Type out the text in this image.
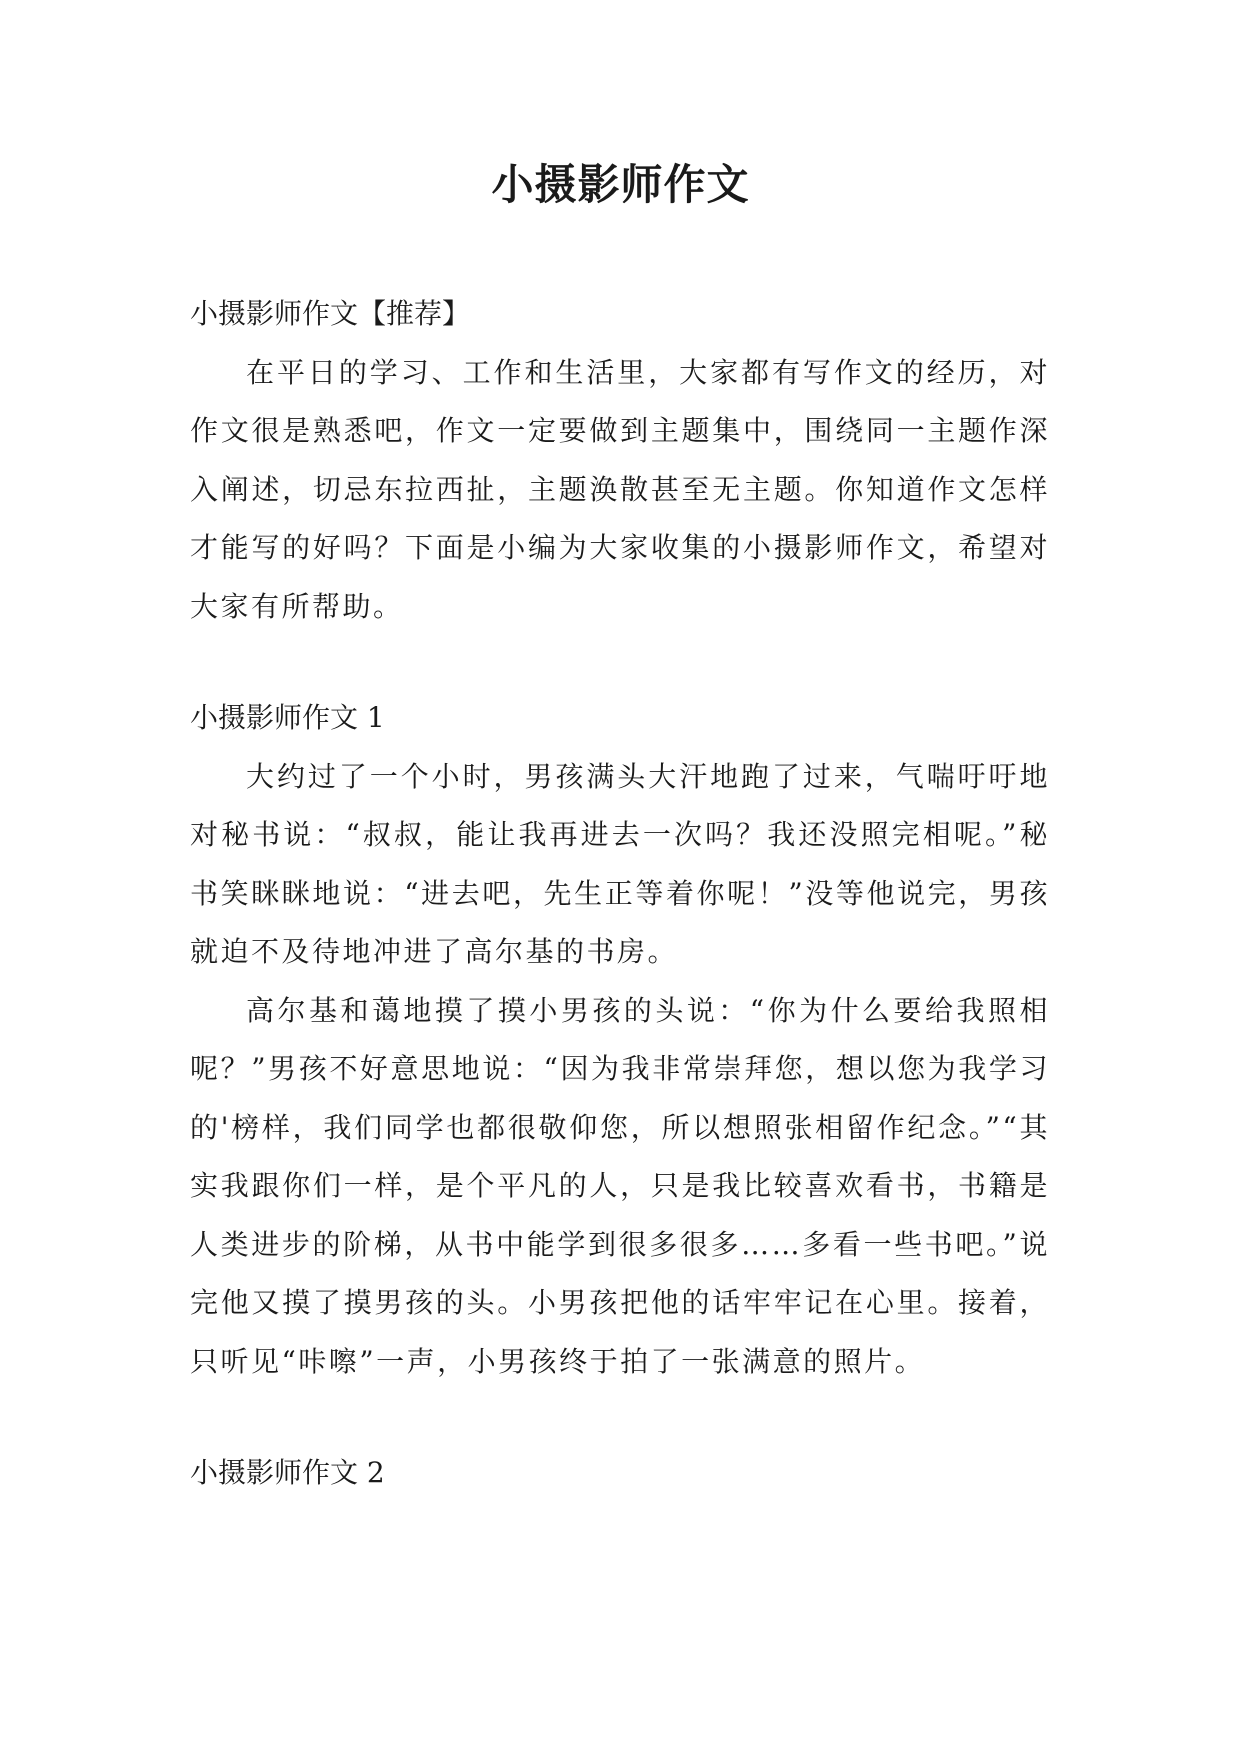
小摄影师作文
小摄影师作文【推荐】

在平日的学习、工作和生活里，大家都有写作文的经历，对作文很是熟悉吧，作文一定要做到主题集中，围绕同一主题作深入阐述，切忌东拉西扯，主题涣散甚至无主题。你知道作文怎样才能写的好吗？下面是小编为大家收集的小摄影师作文，希望对大家有所帮助。

小摄影师作文 1

大约过了一个小时，男孩满头大汗地跑了过来，气喘吁吁地对秘书说：“叔叔，能让我再进去一次吗？我还没照完相呢。”秘书笑眯眯地说：“进去吧，先生正等着你呢！”没等他说完，男孩就迫不及待地冲进了高尔基的书房。

高尔基和蔼地摸了摸小男孩的头说：“你为什么要给我照相呢？”男孩不好意思地说：“因为我非常崇拜您，想以您为我学习的'榜样，我们同学也都很敬仰您，所以想照张相留作纪念。”“其实我跟你们一样，是个平凡的人，只是我比较喜欢看书，书籍是人类进步的阶梯，从书中能学到很多很多……多看一些书吧。”说完他又摸了摸男孩的头。小男孩把他的话牢牢记在心里。接着，只听见“咔嚓”一声，小男孩终于拍了一张满意的照片。

小摄影师作文 2
